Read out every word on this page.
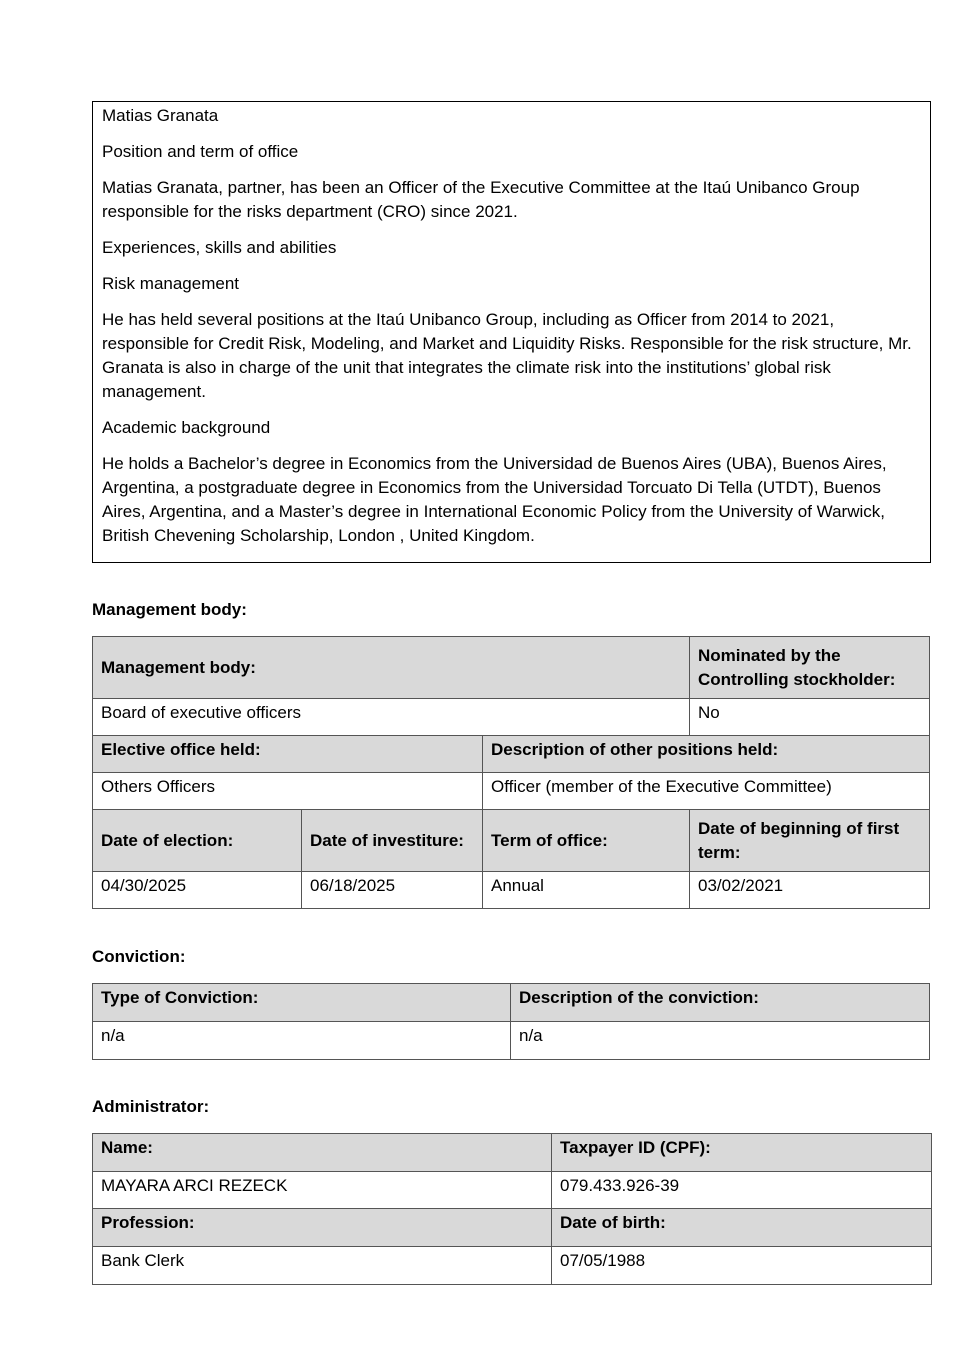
Matias Granata

Position and term of office

Matias Granata, partner, has been an Officer of the Executive Committee at the Itaú Unibanco Group responsible for the risks department (CRO) since 2021.

Experiences, skills and abilities

Risk management

He has held several positions at the Itaú Unibanco Group, including as Officer from 2014 to 2021, responsible for Credit Risk, Modeling, and Market and Liquidity Risks. Responsible for the risk structure, Mr. Granata is also in charge of the unit that integrates the climate risk into the institutions’ global risk management.

Academic background

He holds a Bachelor’s degree in Economics from the Universidad de Buenos Aires (UBA), Buenos Aires, Argentina, a postgraduate degree in Economics from the Universidad Torcuato Di Tella (UTDT), Buenos Aires, Argentina, and a Master’s degree in International Economic Policy from the University of Warwick, British Chevening Scholarship, London , United Kingdom.

Management body:

Management body:			Nominated by the Controlling stockholder:
Board of executive officers			No
Elective office held:		Description of other positions held:	
Others Officers		Officer (member of the Executive Committee)	
Date of election:	Date of investiture:	Term of office:	Date of beginning of first term:
04/30/2025	06/18/2025	Annual	03/02/2021

Conviction:

Type of Conviction:	Description of the conviction:
n/a	n/a

Administrator:

Name:	Taxpayer ID (CPF):
MAYARA ARCI REZECK	079.433.926-39
Profession:	Date of birth:
Bank Clerk	07/05/1988
